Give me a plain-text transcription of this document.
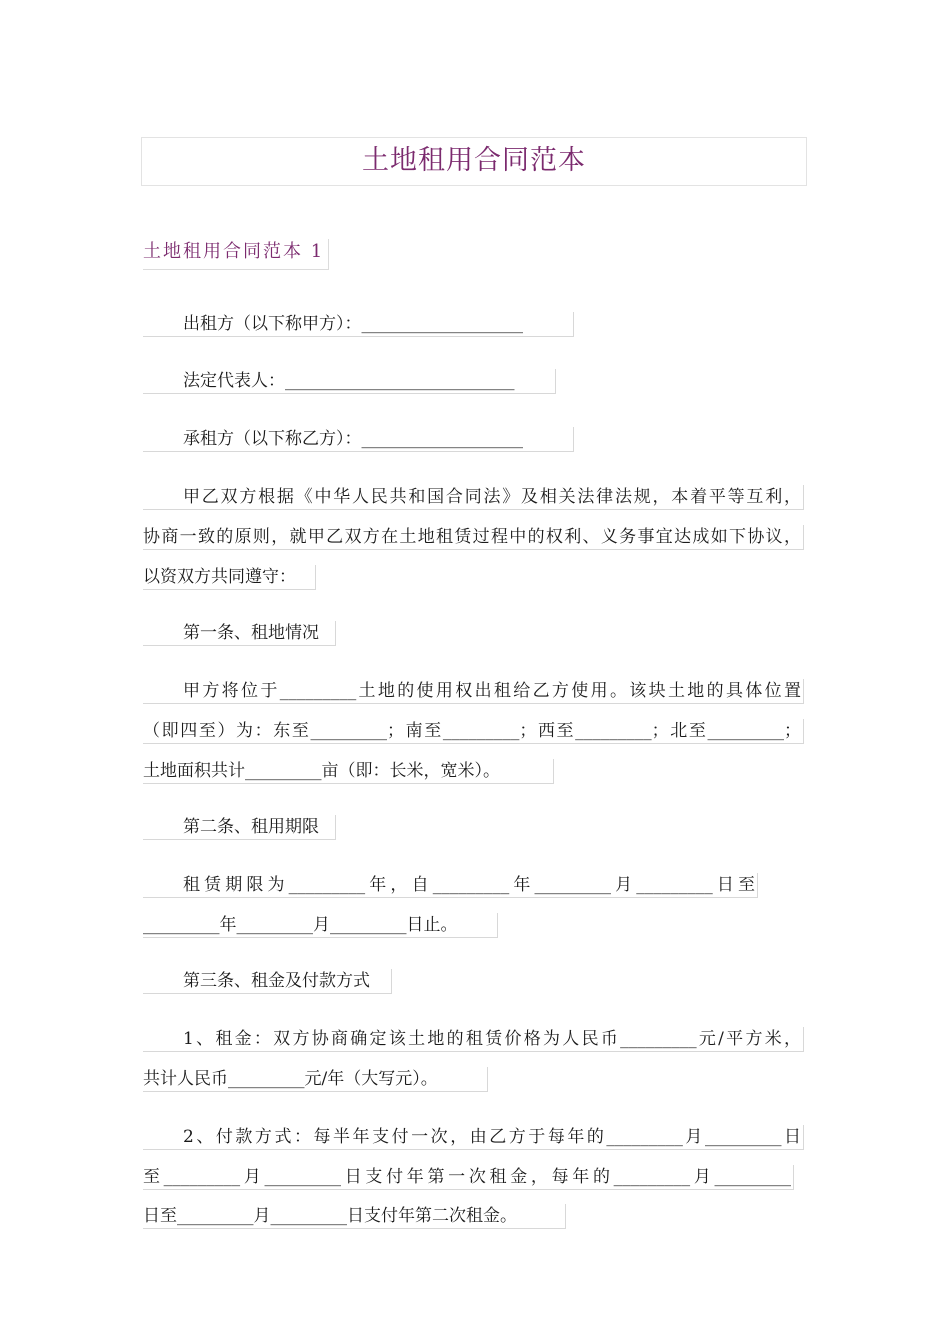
土地租用合同范本
土地租用合同范本 1
出租方（以下称甲方）：___________________
法定代表人：___________________________
承租方（以下称乙方）：___________________
甲乙双方根据《中华人民共和国合同法》及相关法律法规，本着平等互利，
协商一致的原则，就甲乙双方在土地租赁过程中的权利、义务事宜达成如下协议，
以资双方共同遵守：
第一条、租地情况
甲方将位于_________土地的使用权出租给乙方使用。该块土地的具体位置
（即四至）为：东至_________；南至_________；西至_________；北至_________；
土地面积共计_________亩（即：长米，宽米）。
第二条、租用期限
租赁期限为_________年，自_________年_________月_________日至
_________年_________月_________日止。
第三条、租金及付款方式
1、租金：双方协商确定该土地的租赁价格为人民币_________元/平方米，
共计人民币_________元/年（大写元）。
2、付款方式：每半年支付一次，由乙方于每年的_________月_________日
至_________月_________日支付年第一次租金，每年的_________月_________
日至_________月_________日支付年第二次租金。
